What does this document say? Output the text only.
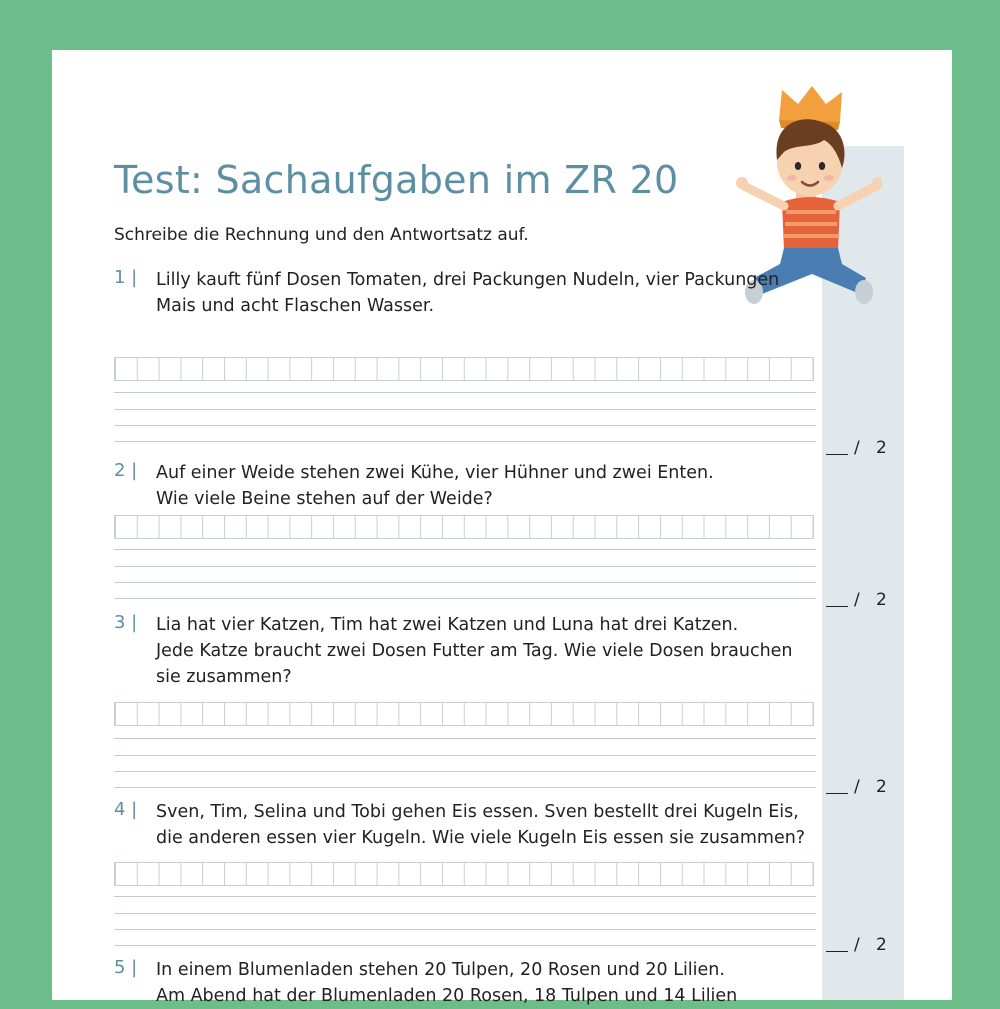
Test: Sachaufgaben im ZR 20
Schreibe die Rechnung und den Antwortsatz auf.
1 | Lilly kauft fünf Dosen Tomaten, drei Packungen Nudeln, vier Packungen
Mais und acht Flaschen Wasser.
/ 2
2 | Auf einer Weide stehen zwei Kühe, vier Hühner und zwei Enten.
Wie viele Beine stehen auf der Weide?
/ 2
3 | Lia hat vier Katzen, Tim hat zwei Katzen und Luna hat drei Katzen.
Jede Katze braucht zwei Dosen Futter am Tag. Wie viele Dosen brauchen
sie zusammen?
/ 2
4 | Sven, Tim, Selina und Tobi gehen Eis essen. Sven bestellt drei Kugeln Eis,
die anderen essen vier Kugeln. Wie viele Kugeln Eis essen sie zusammen?
/ 2
5 | In einem Blumenladen stehen 20 Tulpen, 20 Rosen und 20 Lilien.
Am Abend hat der Blumenladen 20 Rosen, 18 Tulpen und 14 Lilien
